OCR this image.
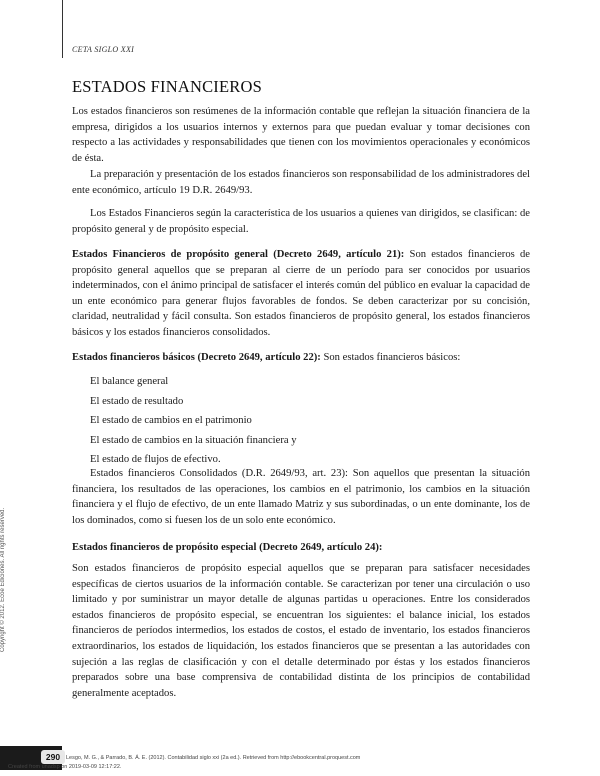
CETA SIGLO XXI
ESTADOS FINANCIEROS

Los estados financieros son resúmenes de la información contable que reflejan la situación financiera de la empresa, dirigidos a los usuarios internos y externos para que puedan evaluar y tomar decisiones con respecto a las actividades y responsabilidades que tienen con los movimientos operacionales y económicos de ésta.

La preparación y presentación de los estados financieros son responsabilidad de los administradores del ente económico, artículo 19 D.R. 2649/93.

Los Estados Financieros según la característica de los usuarios a quienes van dirigidos, se clasifican: de propósito general y de propósito especial.

Estados Financieros de propósito general (Decreto 2649, artículo 21): Son estados financieros de propósito general aquellos que se preparan al cierre de un período para ser conocidos por usuarios indeterminados, con el ánimo principal de satisfacer el interés común del público en evaluar la capacidad de un ente económico para generar flujos favorables de fondos. Se deben caracterizar por su concisión, claridad, neutralidad y fácil consulta. Son estados financieros de propósito general, los estados financieros básicos y los estados financieros consolidados.

Estados financieros básicos (Decreto 2649, artículo 22): Son estados financieros básicos:

El balance general
El estado de resultado
El estado de cambios en el patrimonio
El estado de cambios en la situación financiera y
El estado de flujos de efectivo.

Estados financieros Consolidados (D.R. 2649/93, art. 23): Son aquellos que presentan la situación financiera, los resultados de las operaciones, los cambios en el patrimonio, los cambios en la situación financiera y el flujo de efectivo, de un ente llamado Matriz y sus subordinadas, o un ente dominante, los de los dominados, como si fuesen los de un solo ente económico.

Estados financieros de propósito especial (Decreto 2649, artículo 24):

Son estados financieros de propósito especial aquellos que se preparan para satisfacer necesidades específicas de ciertos usuarios de la información contable. Se caracterizan por tener una circulación o uso limitado y por suministrar un mayor detalle de algunas partidas u operaciones. Entre los considerados estados financieros de propósito especial, se encuentran los siguientes: el balance inicial, los estados financieros de períodos intermedios, los estados de costos, el estado de inventario, los estados financieros extraordinarios, los estados de liquidación, los estados financieros que se presentan a las autoridades con sujeción a las reglas de clasificación y con el detalle determinado por éstas y los estados financieros preparados sobre una base comprensiva de contabilidad distinta de los principios de contabilidad generalmente aceptados.

Copyright © 2012. Ecoe Ediciones. All rights reserved.
290	Lesgo, M. G., & Parrado, B. Á. E. (2012). Contabilidad siglo xxi (2a ed.). Retrieved from http://ebookcentral.proquest.com
Created from unadsp on 2019-03-09 12:17:22.
